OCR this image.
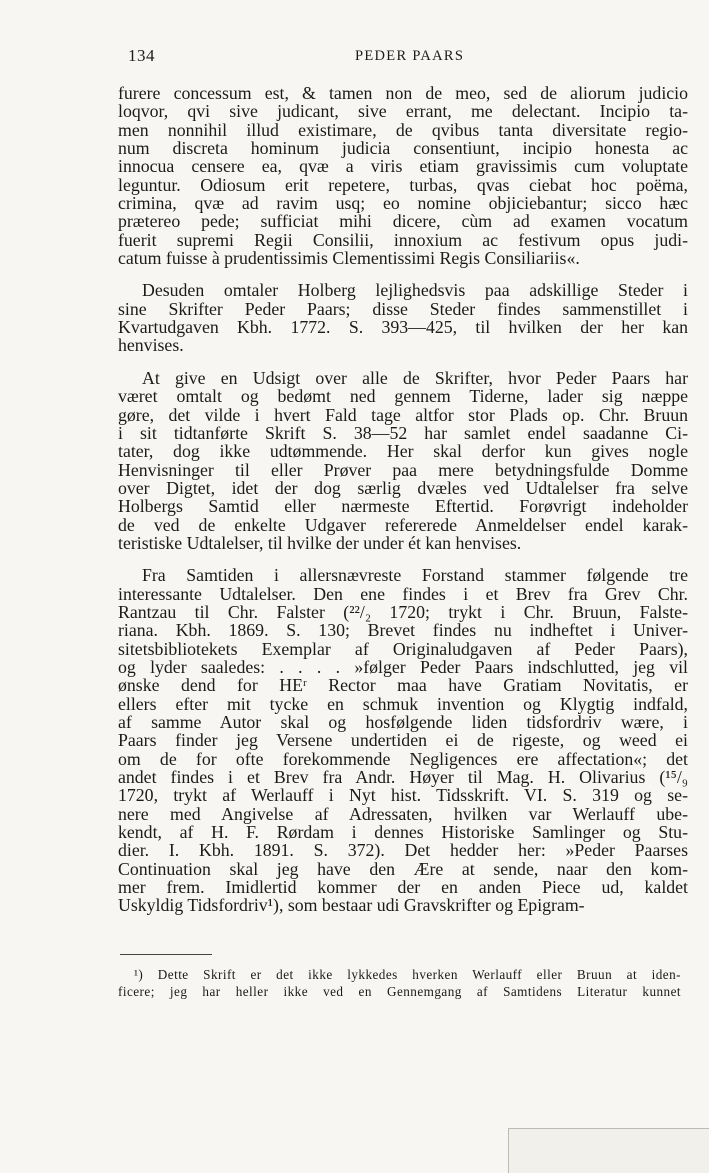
134	PEDER PAARS
furere concessum est, & tamen non de meo, sed de aliorum judicio
loqvor, qvi sive judicant, sive errant, me delectant. Incipio ta-
men nonnihil illud existimare, de qvibus tanta diversitate regio-
num discreta hominum judicia consentiunt, incipio honesta ac
innocua censere ea, qvæ a viris etiam gravissimis cum voluptate
leguntur. Odiosum erit repetere, turbas, qvas ciebat hoc poëma,
crimina, qvæ ad ravim usq; eo nomine objiciebantur; sicco hæc
prætereo pede; sufficiat mihi dicere, cùm ad examen vocatum
fuerit supremi Regii Consilii, innoxium ac festivum opus judi-
catum fuisse à prudentissimis Clementissimi Regis Consiliariis«.
Desuden omtaler Holberg lejlighedsvis paa adskillige Steder i
sine Skrifter Peder Paars; disse Steder findes sammenstillet i
Kvartudgaven Kbh. 1772. S. 393—425, til hvilken der her kan
henvises.
At give en Udsigt over alle de Skrifter, hvor Peder Paars har
været omtalt og bedømt ned gennem Tiderne, lader sig næppe
gøre, det vilde i hvert Fald tage altfor stor Plads op. Chr. Bruun
i sit tidtanførte Skrift S. 38—52 har samlet endel saadanne Ci-
tater, dog ikke udtømmende. Her skal derfor kun gives nogle
Henvisninger til eller Prøver paa mere betydningsfulde Domme
over Digtet, idet der dog særlig dvæles ved Udtalelser fra selve
Holbergs Samtid eller nærmeste Eftertid. Forøvrigt indeholder
de ved de enkelte Udgaver refererede Anmeldelser endel karak-
teristiske Udtalelser, til hvilke der under ét kan henvises.
Fra Samtiden i allersnævreste Forstand stammer følgende tre
interessante Udtalelser. Den ene findes i et Brev fra Grev Chr.
Rantzau til Chr. Falster (²²/₂ 1720; trykt i Chr. Bruun, Falste-
riana. Kbh. 1869. S. 130; Brevet findes nu indheftet i Univer-
sitetsbibliotekets Exemplar af Originaludgaven af Peder Paars),
og lyder saaledes: . . . . »følger Peder Paars indschlutted, jeg vil
ønske dend for HEʳ Rector maa have Gratiam Novitatis, er
ellers efter mit tycke en schmuk invention og Klygtig indfald,
af samme Autor skal og hosfølgende liden tidsfordriv wære, i
Paars finder jeg Versene undertiden ei de rigeste, og weed ei
om de for ofte forekommende Negligences ere affectation«; det
andet findes i et Brev fra Andr. Høyer til Mag. H. Olivarius (¹⁵/₉
1720, trykt af Werlauff i Nyt hist. Tidsskrift. VI. S. 319 og se-
nere med Angivelse af Adressaten, hvilken var Werlauff ube-
kendt, af H. F. Rørdam i dennes Historiske Samlinger og Stu-
dier. I. Kbh. 1891. S. 372). Det hedder her: »Peder Paarses
Continuation skal jeg have den Ære at sende, naar den kom-
mer frem. Imidlertid kommer der en anden Piece ud, kaldet
Uskyldig Tidsfordriv¹), som bestaar udi Gravskrifter og Epigram-
¹) Dette Skrift er det ikke lykkedes hverken Werlauff eller Bruun at iden-
ficere; jeg har heller ikke ved en Gennemgang af Samtidens Literatur kunnet
